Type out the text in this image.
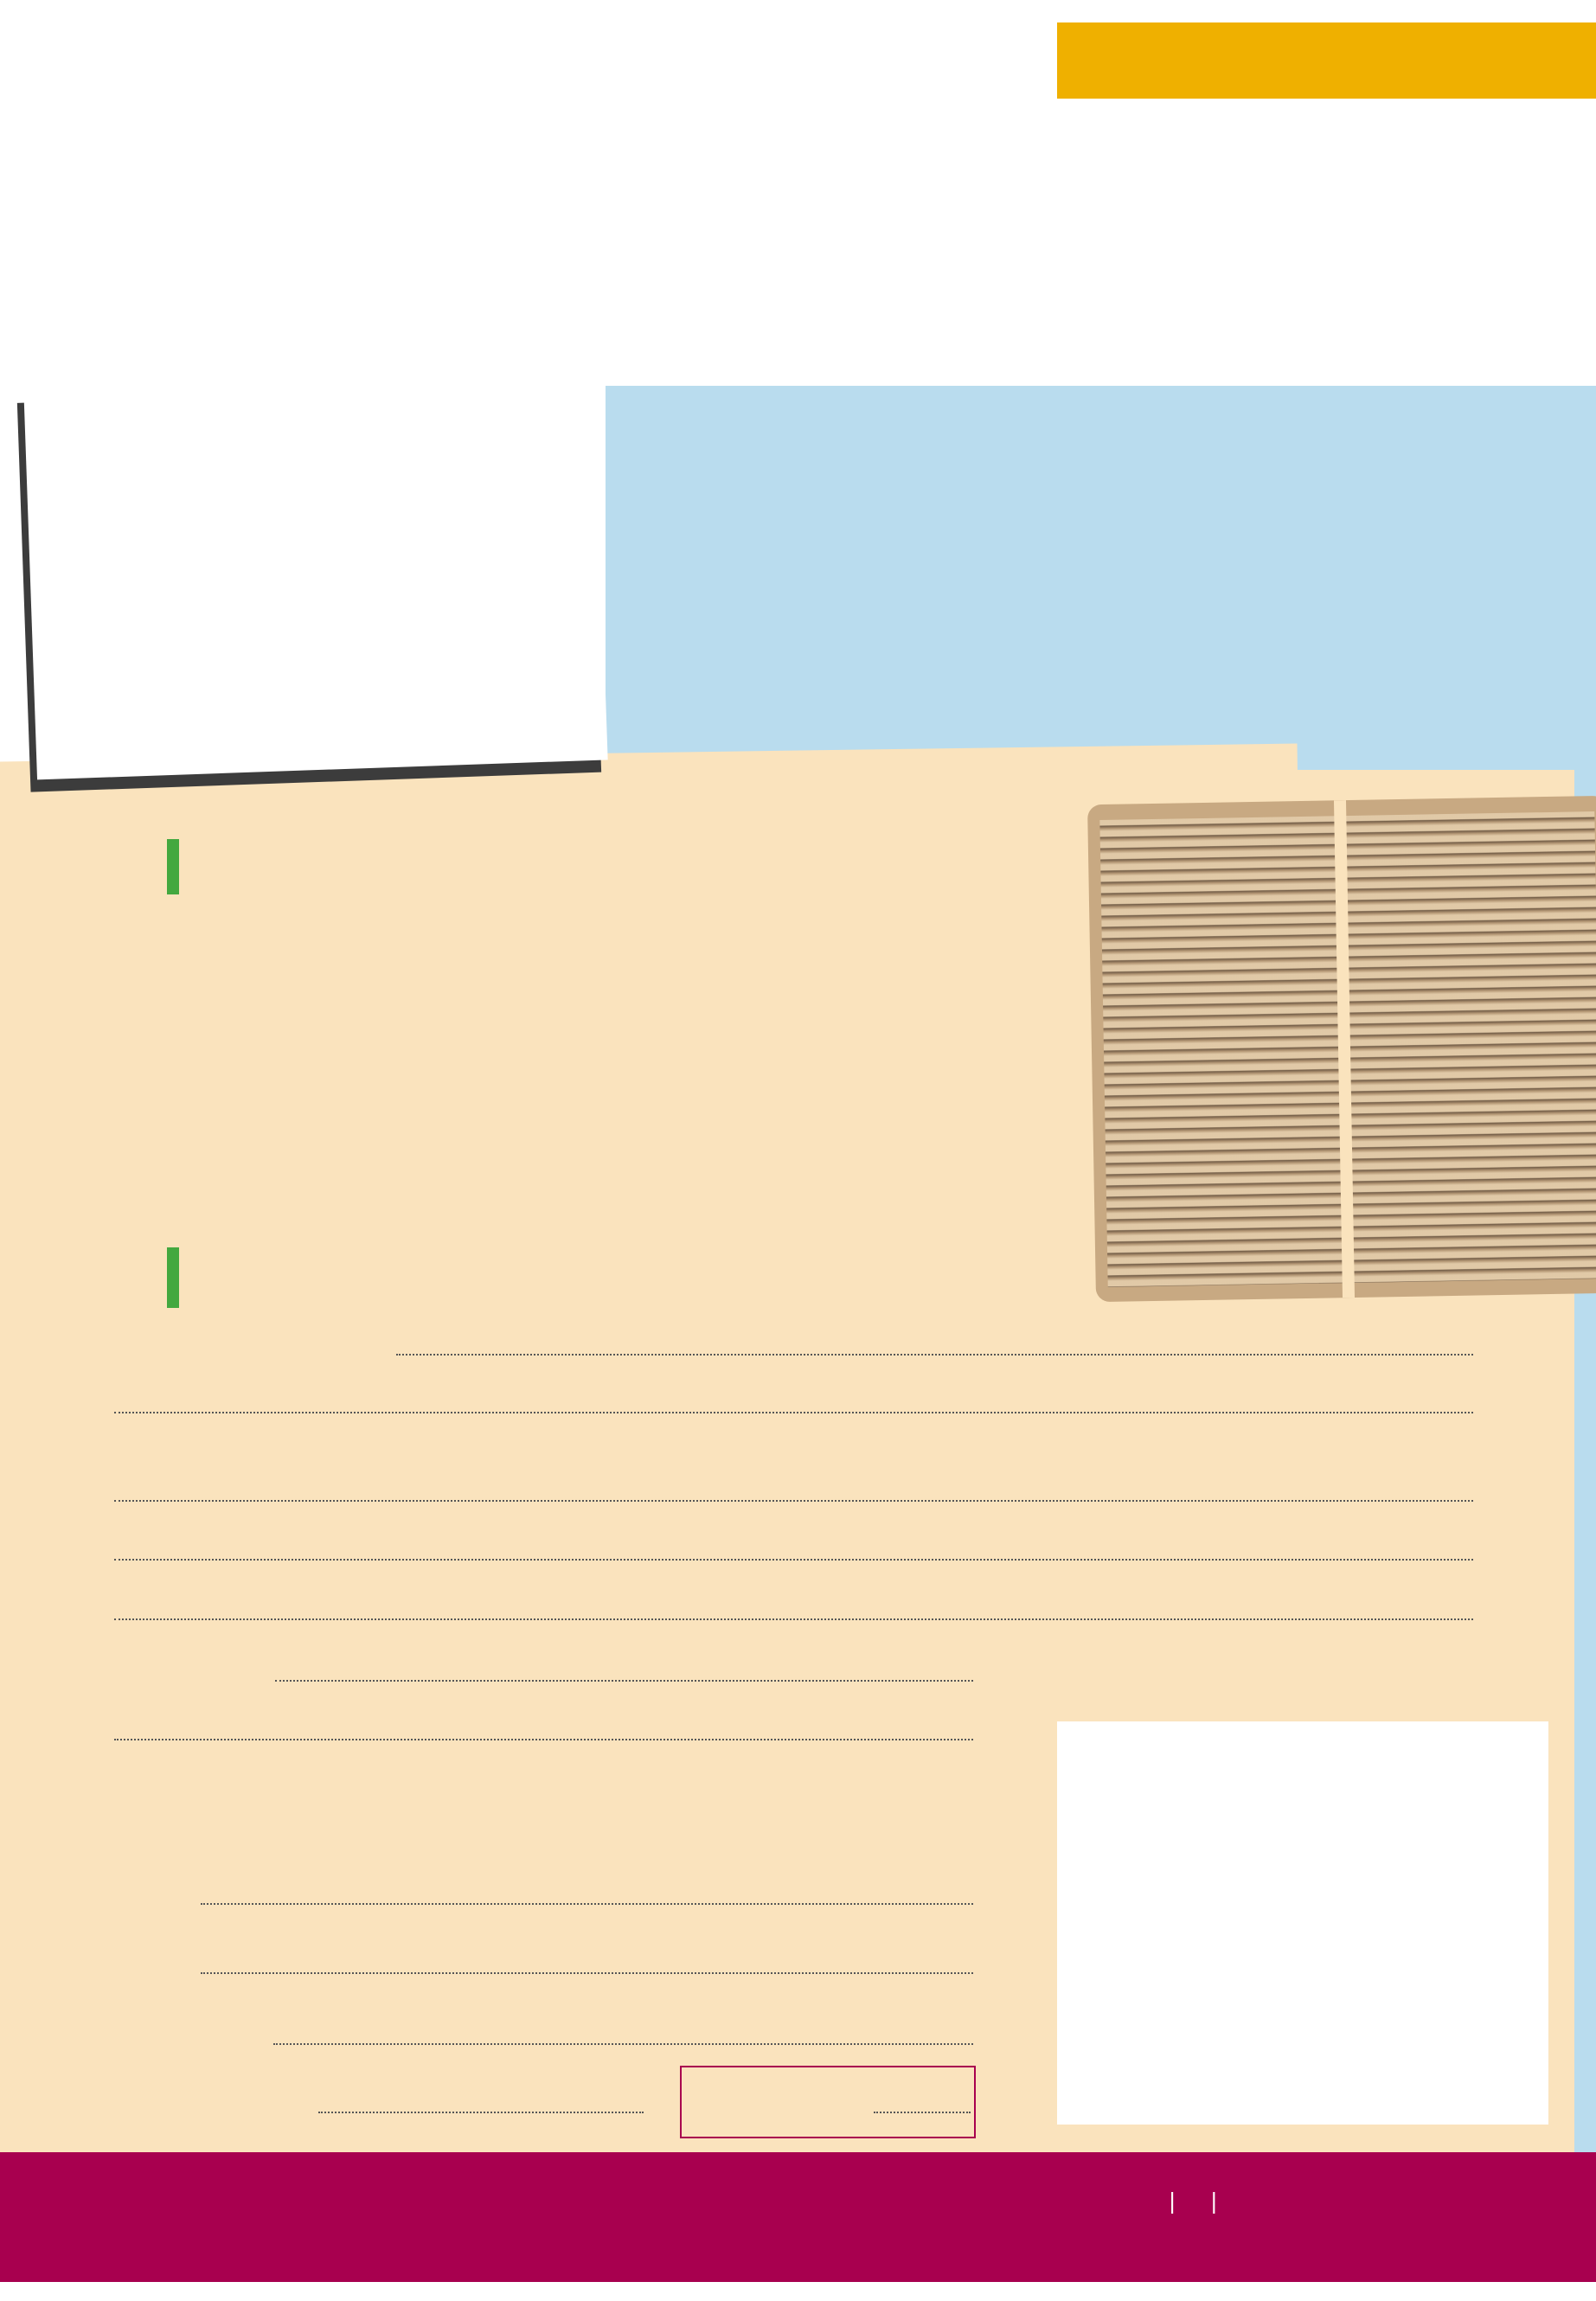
|     |
